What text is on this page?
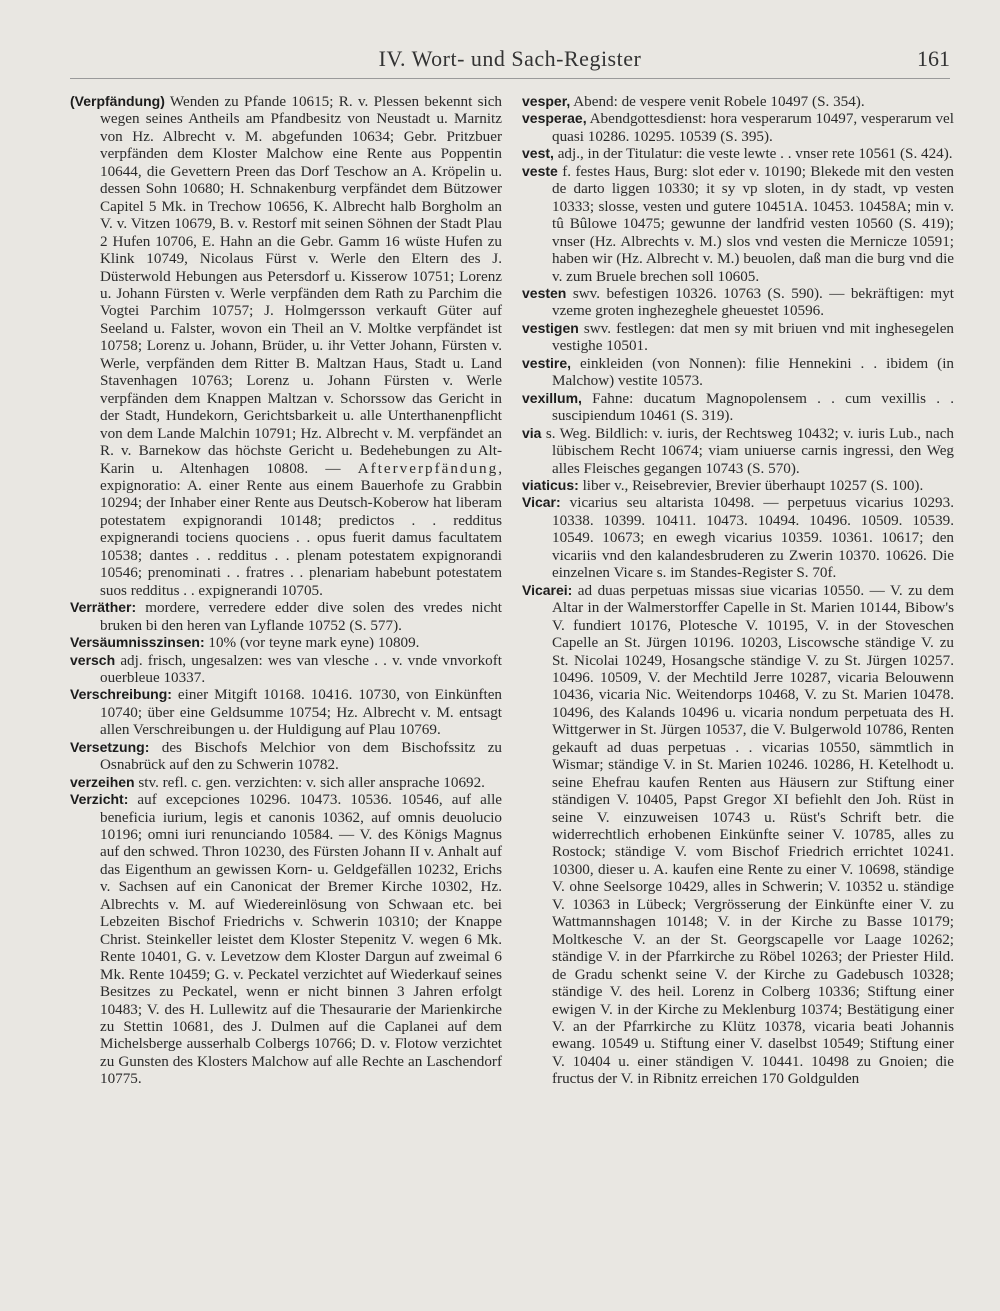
IV. Wort- und Sach-Register	161

(Verpfändung) Wenden zu Pfande 10615; R. v. Plessen bekennt sich wegen seines Antheils am Pfandbesitz von Neustadt u. Marnitz von Hz. Albrecht v. M. abgefunden 10634; Gebr. Pritzbuer verpfänden dem Kloster Malchow eine Rente aus Poppentin 10644, die Gevettern Preen das Dorf Teschow an A. Kröpelin u. dessen Sohn 10680; H. Schnakenburg verpfändet dem Bützower Capitel 5 Mk. in Trechow 10656, K. Albrecht halb Borgholm an V. v. Vitzen 10679, B. v. Restorf mit seinen Söhnen der Stadt Plau 2 Hufen 10706, E. Hahn an die Gebr. Gamm 16 wüste Hufen zu Klink 10749, Nicolaus Fürst v. Werle den Eltern des J. Düsterwold Hebungen aus Petersdorf u. Kisserow 10751; Lorenz u. Johann Fürsten v. Werle verpfänden dem Rath zu Parchim die Vogtei Parchim 10757; J. Holmgersson verkauft Güter auf Seeland u. Falster, wovon ein Theil an V. Moltke verpfändet ist 10758; Lorenz u. Johann, Brüder, u. ihr Vetter Johann, Fürsten v. Werle, verpfänden dem Ritter B. Maltzan Haus, Stadt u. Land Stavenhagen 10763; Lorenz u. Johann Fürsten v. Werle verpfänden dem Knappen Maltzan v. Schorssow das Gericht in der Stadt, Hundekorn, Gerichtsbarkeit u. alle Unterthanenpflicht von dem Lande Malchin 10791; Hz. Albrecht v. M. verpfändet an R. v. Barnekow das höchste Gericht u. Bedehebungen zu Alt-Karin u. Altenhagen 10808. — Afterverpfändung, expignoratio: A. einer Rente aus einem Bauerhofe zu Grabbin 10294; der Inhaber einer Rente aus Deutsch-Koberow hat liberam potestatem expignorandi 10148; predictos . . redditus expignerandi tociens quociens . . opus fuerit damus facultatem 10538; dantes . . redditus . . plenam potestatem expignorandi 10546; prenominati . . fratres . . plenariam habebunt potestatem suos redditus . . expignerandi 10705.

Verräther: mordere, verredere edder dive solen des vredes nicht bruken bi den heren van Lyflande 10752 (S. 577).

Versäumnisszinsen: 10% (vor teyne mark eyne) 10809.

versch adj. frisch, ungesalzen: wes van vlesche . . v. vnde vnvorkoft ouerbleue 10337.

Verschreibung: einer Mitgift 10168. 10416. 10730, von Einkünften 10740; über eine Geldsumme 10754; Hz. Albrecht v. M. entsagt allen Verschreibungen u. der Huldigung auf Plau 10769.

Versetzung: des Bischofs Melchior von dem Bischofssitz zu Osnabrück auf den zu Schwerin 10782.

verzeihen stv. refl. c. gen. verzichten: v. sich aller ansprache 10692.

Verzicht: auf excepciones 10296. 10473. 10536. 10546, auf alle beneficia iurium, legis et canonis 10362, auf omnis deuolucio 10196; omni iuri renunciando 10584. — V. des Königs Magnus auf den schwed. Thron 10230, des Fürsten Johann II v. Anhalt auf das Eigenthum an gewissen Korn- u. Geldgefällen 10232, Erichs v. Sachsen auf ein Canonicat der Bremer Kirche 10302, Hz. Albrechts v. M. auf Wiedereinlösung von Schwaan etc. bei Lebzeiten Bischof Friedrichs v. Schwerin 10310; der Knappe Christ. Steinkeller leistet dem Kloster Stepenitz V. wegen 6 Mk. Rente 10401, G. v. Levetzow dem Kloster Dargun auf zweimal 6 Mk. Rente 10459; G. v. Peckatel verzichtet auf Wiederkauf seines Besitzes zu Peckatel, wenn er nicht binnen 3 Jahren erfolgt 10483; V. des H. Lullewitz auf die Thesaurarie der Marienkirche zu Stettin 10681, des J. Dulmen auf die Caplanei auf dem Michelsberge ausserhalb Colbergs 10766; D. v. Flotow verzichtet zu Gunsten des Klosters Malchow auf alle Rechte an Laschendorf 10775.

vesper, Abend: de vespere venit Robele 10497 (S. 354).

vesperae, Abendgottesdienst: hora vesperarum 10497, vesperarum vel quasi 10286. 10295. 10539 (S. 395).

vest, adj., in der Titulatur: die veste lewte . . vnser rete 10561 (S. 424).

veste f. festes Haus, Burg: slot eder v. 10190; Blekede mit den vesten de darto liggen 10330; it sy vp sloten, in dy stadt, vp vesten 10333; slosse, vesten und gutere 10451A. 10453. 10458A; min v. tû Bûlowe 10475; gewunne der landfrid vesten 10560 (S. 419); vnser (Hz. Albrechts v. M.) slos vnd vesten die Mernicze 10591; haben wir (Hz. Albrecht v. M.) beuolen, daß man die burg vnd die v. zum Bruele brechen soll 10605.

vesten swv. befestigen 10326. 10763 (S. 590). — bekräftigen: myt vzeme groten inghezeghele gheuestet 10596.

vestigen swv. festlegen: dat men sy mit briuen vnd mit inghesegelen vestighe 10501.

vestire, einkleiden (von Nonnen): filie Hennekini . . ibidem (in Malchow) vestite 10573.

vexillum, Fahne: ducatum Magnopolensem . . cum vexillis . . suscipiendum 10461 (S. 319).

via s. Weg. Bildlich: v. iuris, der Rechtsweg 10432; v. iuris Lub., nach lübischem Recht 10674; viam uniuerse carnis ingressi, den Weg alles Fleisches gegangen 10743 (S. 570).

viaticus: liber v., Reisebrevier, Brevier überhaupt 10257 (S. 100).

Vicar: vicarius seu altarista 10498. — perpetuus vicarius 10293. 10338. 10399. 10411. 10473. 10494. 10496. 10509. 10539. 10549. 10673; en ewegh vicarius 10359. 10361. 10617; den vicariis vnd den kalandesbruderen zu Zwerin 10370. 10626. Die einzelnen Vicare s. im Standes-Register S. 70f.

Vicarei: ad duas perpetuas missas siue vicarias 10550. — V. zu dem Altar in der Walmerstorffer Capelle in St. Marien 10144, Bibow's V. fundiert 10176, Plotesche V. 10195, V. in der Stoveschen Capelle an St. Jürgen 10196. 10203, Liscowsche ständige V. zu St. Nicolai 10249, Hosangsche ständige V. zu St. Jürgen 10257. 10496. 10509, V. der Mechtild Jerre 10287, vicaria Belouwenn 10436, vicaria Nic. Weitendorps 10468, V. zu St. Marien 10478. 10496, des Kalands 10496 u. vicaria nondum perpetuata des H. Wittgerwer in St. Jürgen 10537, die V. Bulgerwold 10786, Renten gekauft ad duas perpetuas . . vicarias 10550, sämmtlich in Wismar; ständige V. in St. Marien 10246. 10286, H. Ketelhodt u. seine Ehefrau kaufen Renten aus Häusern zur Stiftung einer ständigen V. 10405, Papst Gregor XI befiehlt den Joh. Rüst in seine V. einzuweisen 10743 u. Rüst's Schrift betr. die widerrechtlich erhobenen Einkünfte seiner V. 10785, alles zu Rostock; ständige V. vom Bischof Friedrich errichtet 10241. 10300, dieser u. A. kaufen eine Rente zu einer V. 10698, ständige V. ohne Seelsorge 10429, alles in Schwerin; V. 10352 u. ständige V. 10363 in Lübeck; Vergrösserung der Einkünfte einer V. zu Wattmannshagen 10148; V. in der Kirche zu Basse 10179; Moltkesche V. an der St. Georgscapelle vor Laage 10262; ständige V. in der Pfarrkirche zu Röbel 10263; der Priester Hild. de Gradu schenkt seine V. der Kirche zu Gadebusch 10328; ständige V. des heil. Lorenz in Colberg 10336; Stiftung einer ewigen V. in der Kirche zu Meklenburg 10374; Bestätigung einer V. an der Pfarrkirche zu Klütz 10378, vicaria beati Johannis ewang. 10549 u. Stiftung einer V. daselbst 10549; Stiftung einer V. 10404 u. einer ständigen V. 10441. 10498 zu Gnoien; die fructus der V. in Ribnitz erreichen 170 Goldgulden
